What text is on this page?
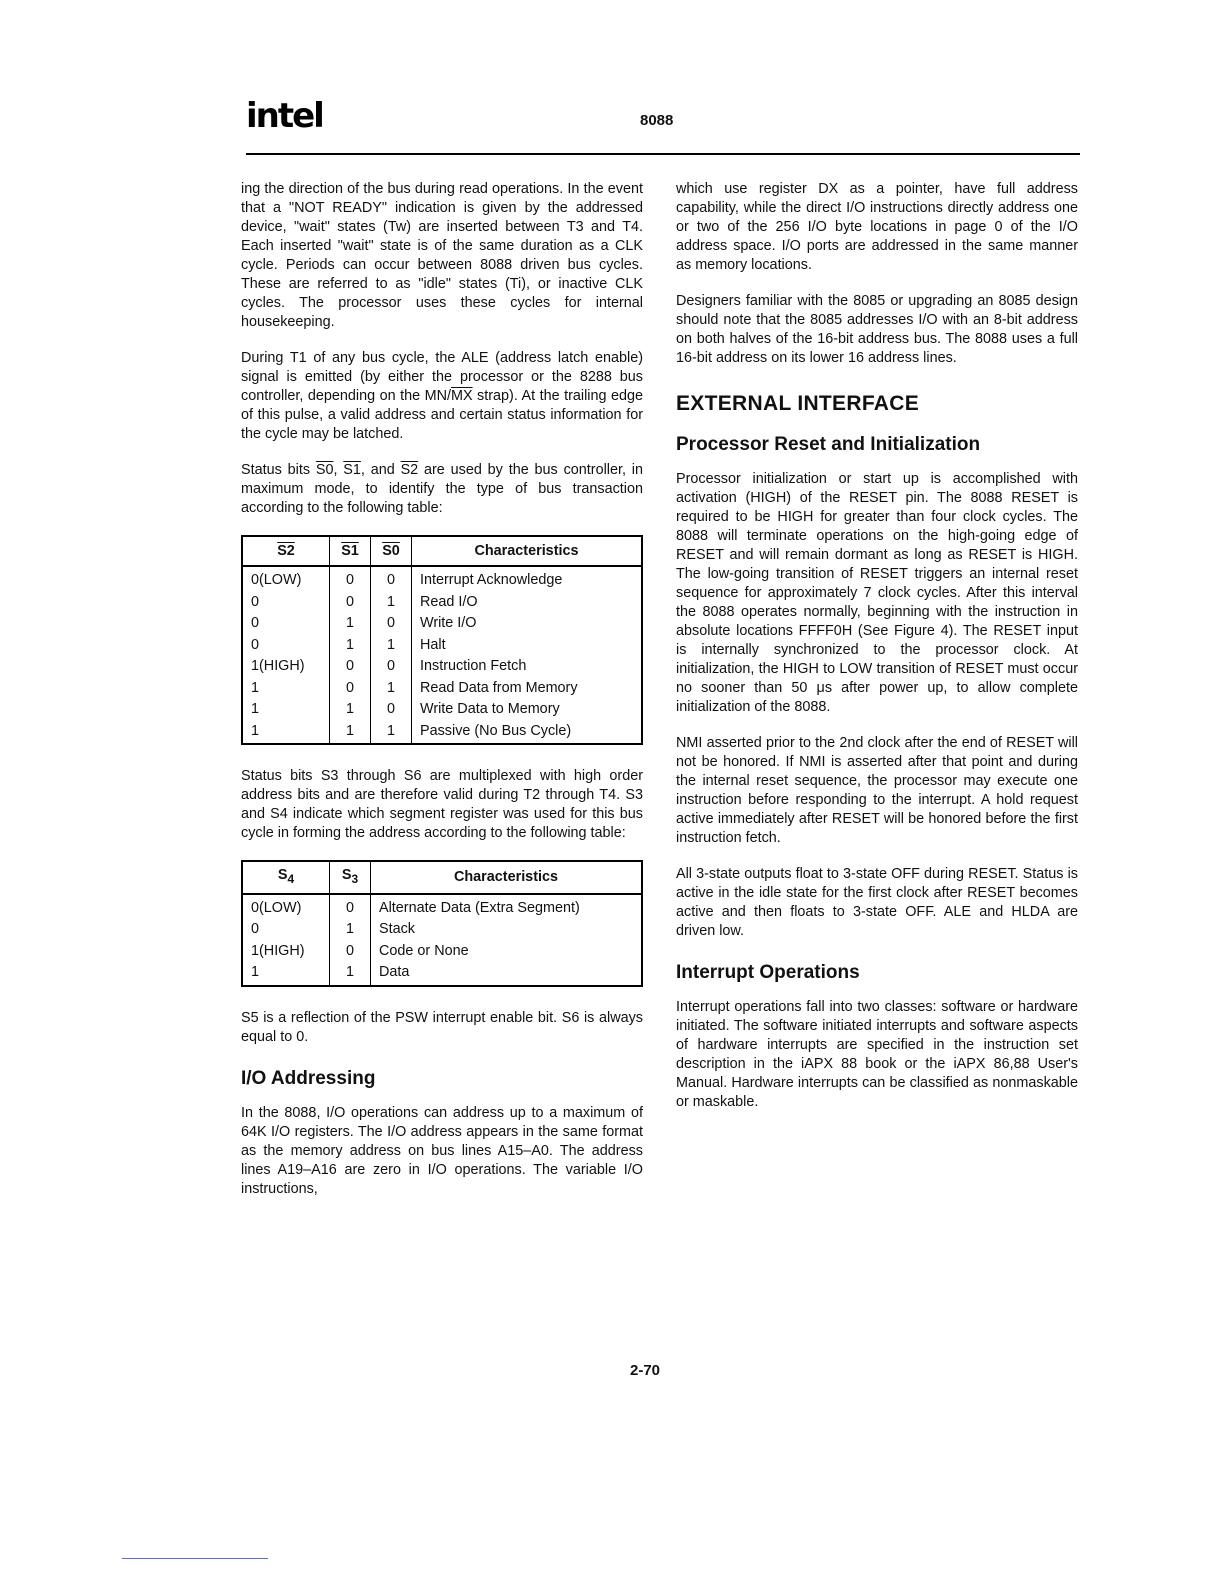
intel	8088

ing the direction of the bus during read operations. In the event that a "NOT READY" indication is given by the addressed device, "wait" states (Tw) are inserted between T3 and T4. Each inserted "wait" state is of the same duration as a CLK cycle. Periods can occur between 8088 driven bus cycles. These are referred to as "idle" states (Ti), or inactive CLK cycles. The processor uses these cycles for internal housekeeping.

During T1 of any bus cycle, the ALE (address latch enable) signal is emitted (by either the processor or the 8288 bus controller, depending on the $MN/\overline{MX}$ strap). At the trailing edge of this pulse, a valid address and certain status information for the cycle may be latched.

Status bits S0, S1, and S2 are used by the bus controller, in maximum mode, to identify the type of bus transaction according to the following table:

S2	S1	S0	Characteristics
0(LOW)	0	0	Interrupt Acknowledge
0	0	1	Read I/O
0	1	0	Write I/O
0	1	1	Halt
1(HIGH)	0	0	Instruction Fetch
1	0	1	Read Data from Memory
1	1	0	Write Data to Memory
1	1	1	Passive (No Bus Cycle)

Status bits S3 through S6 are multiplexed with high order address bits and are therefore valid during T2 through T4. S3 and S4 indicate which segment register was used for this bus cycle in forming the address according to the following table:

$S_4$	$S_3$	Characteristics
0(LOW)	0	Alternate Data (Extra Segment)
0	1	Stack
1(HIGH)	0	Code or None
1	1	Data

S5 is a reflection of the PSW interrupt enable bit. S6 is always equal to 0.

I/O Addressing

In the 8088, I/O operations can address up to a maximum of 64K I/O registers. The I/O address appears in the same format as the memory address on bus lines A15–A0. The address lines A19–A16 are zero in I/O operations. The variable I/O instructions,

which use register DX as a pointer, have full address capability, while the direct I/O instructions directly address one or two of the 256 I/O byte locations in page 0 of the I/O address space. I/O ports are addressed in the same manner as memory locations.

Designers familiar with the 8085 or upgrading an 8085 design should note that the 8085 addresses I/O with an 8-bit address on both halves of the 16-bit address bus. The 8088 uses a full 16-bit address on its lower 16 address lines.

EXTERNAL INTERFACE
Processor Reset and Initialization

Processor initialization or start up is accomplished with activation (HIGH) of the RESET pin. The 8088 RESET is required to be HIGH for greater than four clock cycles. The 8088 will terminate operations on the high-going edge of RESET and will remain dormant as long as RESET is HIGH. The low-going transition of RESET triggers an internal reset sequence for approximately 7 clock cycles. After this interval the 8088 operates normally, beginning with the instruction in absolute locations FFFF0H (See Figure 4). The RESET input is internally synchronized to the processor clock. At initialization, the HIGH to LOW transition of RESET must occur no sooner than 50 μs after power up, to allow complete initialization of the 8088.

NMI asserted prior to the 2nd clock after the end of RESET will not be honored. If NMI is asserted after that point and during the internal reset sequence, the processor may execute one instruction before responding to the interrupt. A hold request active immediately after RESET will be honored before the first instruction fetch.

All 3-state outputs float to 3-state OFF during RESET. Status is active in the idle state for the first clock after RESET becomes active and then floats to 3-state OFF. ALE and HLDA are driven low.

Interrupt Operations

Interrupt operations fall into two classes: software or hardware initiated. The software initiated interrupts and software aspects of hardware interrupts are specified in the instruction set description in the iAPX 88 book or the iAPX 86,88 User's Manual. Hardware interrupts can be classified as nonmaskable or maskable.

2-70
